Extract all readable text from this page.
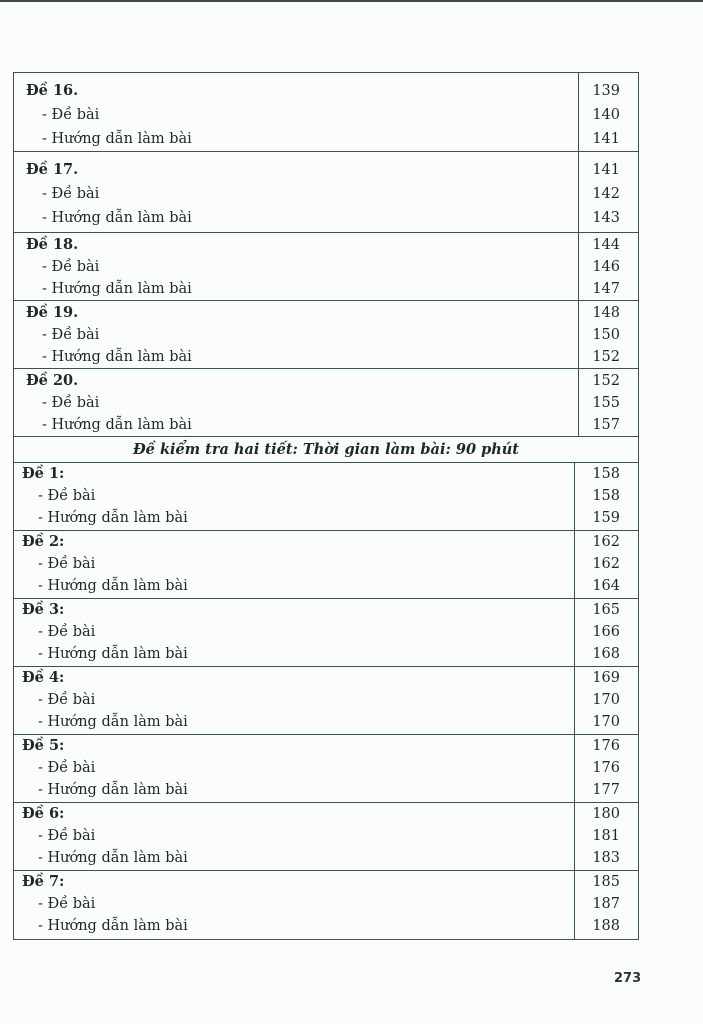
Đề 16.
- Đề bài
- Hướng dẫn làm bài
139
140
141
Đề 17.
- Đề bài
- Hướng dẫn làm bài
141
142
143
Đề 18.
- Đề bài
- Hướng dẫn làm bài
144
146
147
Đề 19.
- Đề bài
- Hướng dẫn làm bài
148
150
152
Đề 20.
- Đề bài
- Hướng dẫn làm bài
152
155
157
Đề kiểm tra hai tiết: Thời gian làm bài: 90 phút
Đề 1:
- Đề bài
- Hướng dẫn làm bài
158
158
159
Đề 2:
- Đề bài
- Hướng dẫn làm bài
162
162
164
Đề 3:
- Đề bài
- Hướng dẫn làm bài
165
166
168
Đề 4:
- Đề bài
- Hướng dẫn làm bài
169
170
170
Đề 5:
- Đề bài
- Hướng dẫn làm bài
176
176
177
Đề 6:
- Đề bài
- Hướng dẫn làm bài
180
181
183
Đề 7:
- Đề bài
- Hướng dẫn làm bài
185
187
188
273
